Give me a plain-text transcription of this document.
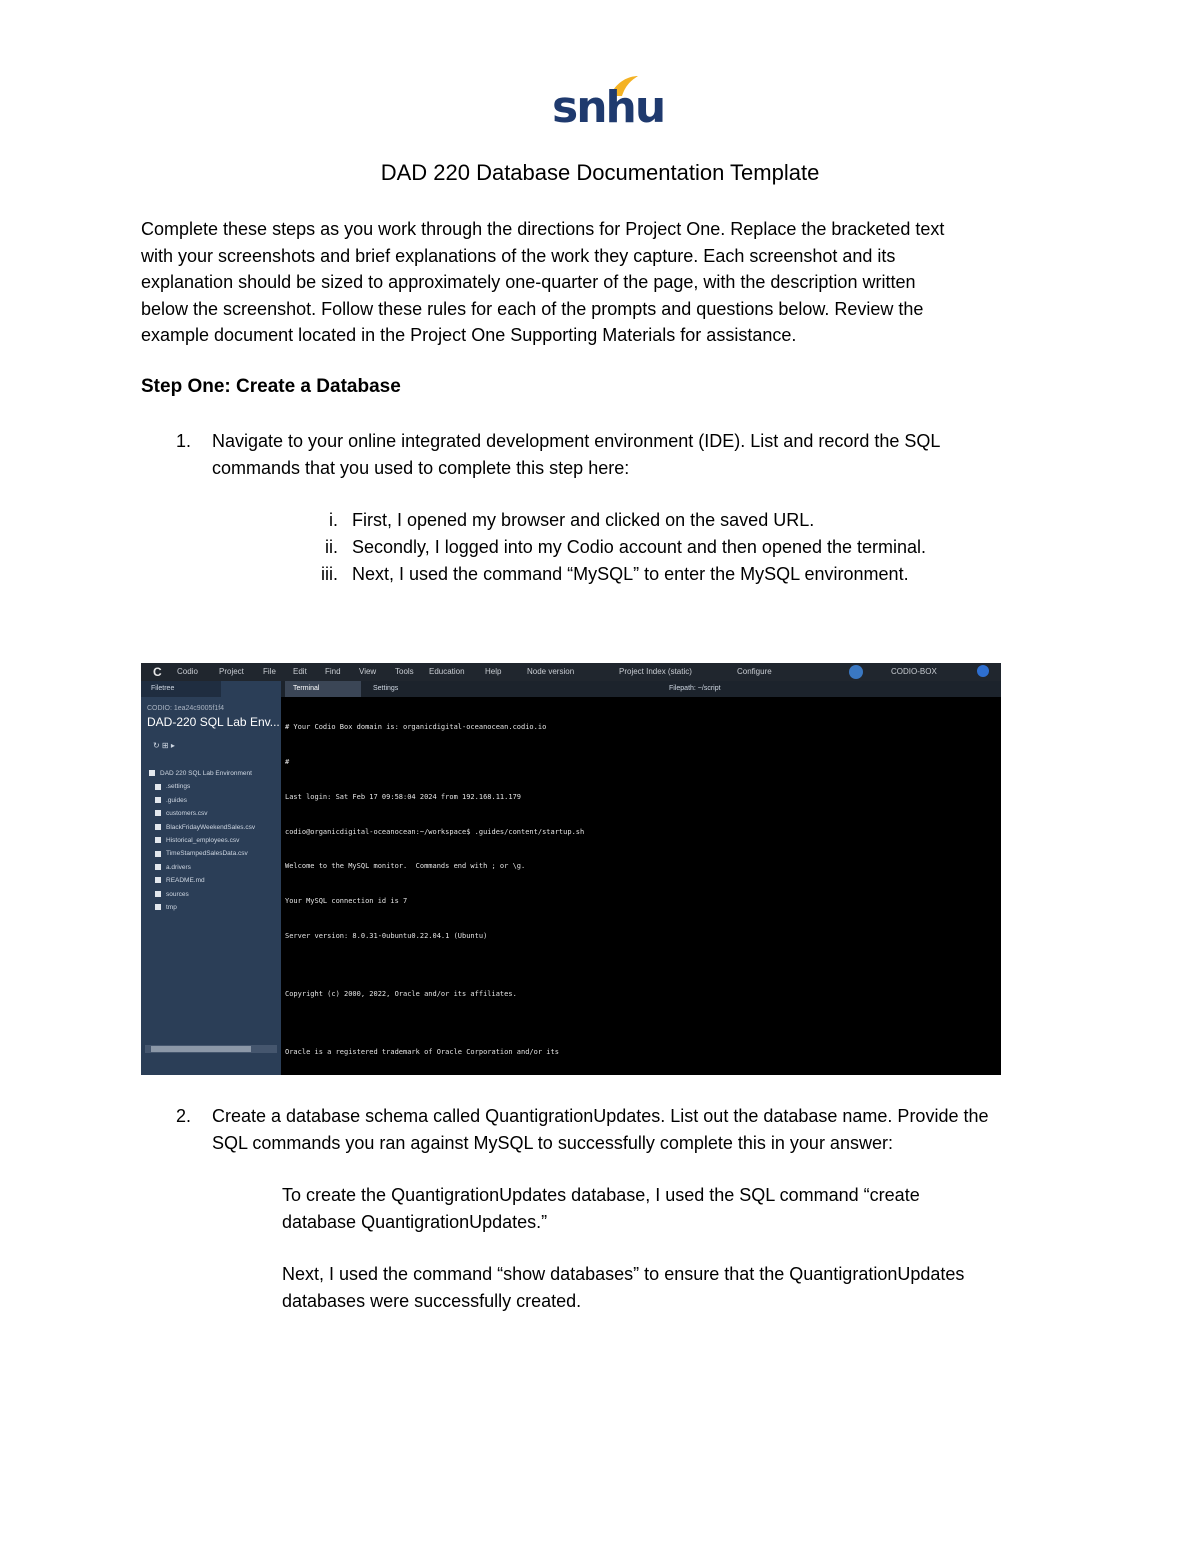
snhu
DAD 220 Database Documentation Template
Complete these steps as you work through the directions for Project One. Replace the bracketed text
with your screenshots and brief explanations of the work they capture. Each screenshot and its
explanation should be sized to approximately one-quarter of the page, with the description written
below the screenshot. Follow these rules for each of the prompts and questions below. Review the
example document located in the Project One Supporting Materials for assistance.
Step One: Create a Database
1. Navigate to your online integrated development environment (IDE). List and record the SQL
commands that you used to complete this step here:
i. First, I opened my browser and clicked on the saved URL.
ii. Secondly, I logged into my Codio account and then opened the terminal.
iii. Next, I used the command “MySQL” to enter the MySQL environment.
C Codio	Project File Edit Find View Tools Education	Help	Node version	Project Index (static)	Configure	CODIO-BOX
Filetree
CODIO: 1ea24c9005f1f4
DAD-220 SQL Lab Env...
↻ ⊞ ▸
DAD 220 SQL Lab Environment
.settings
.guides
customers.csv
BlackFridayWeekendSales.csv
Historical_employees.csv
TimeStampedSalesData.csv
a.drivers
README.md
sources
tmp
Terminal	Settings	Filepath: ~/script

# Your Codio Box domain is: organicdigital-oceanocean.codio.io

#

Last login: Sat Feb 17 09:58:04 2024 from 192.168.11.179

codio@organicdigital-oceanocean:~/workspace$ .guides/content/startup.sh

Welcome to the MySQL monitor.  Commands end with ; or \g.

Your MySQL connection id is 7

Server version: 8.0.31-0ubuntu0.22.04.1 (Ubuntu)

Copyright (c) 2000, 2022, Oracle and/or its affiliates.

Oracle is a registered trademark of Oracle Corporation and/or its

2. Create a database schema called QuantigrationUpdates. List out the database name. Provide the
SQL commands you ran against MySQL to successfully complete this in your answer:
To create the QuantigrationUpdates database, I used the SQL command “create
database QuantigrationUpdates.”
Next, I used the command “show databases” to ensure that the QuantigrationUpdates
databases were successfully created.
